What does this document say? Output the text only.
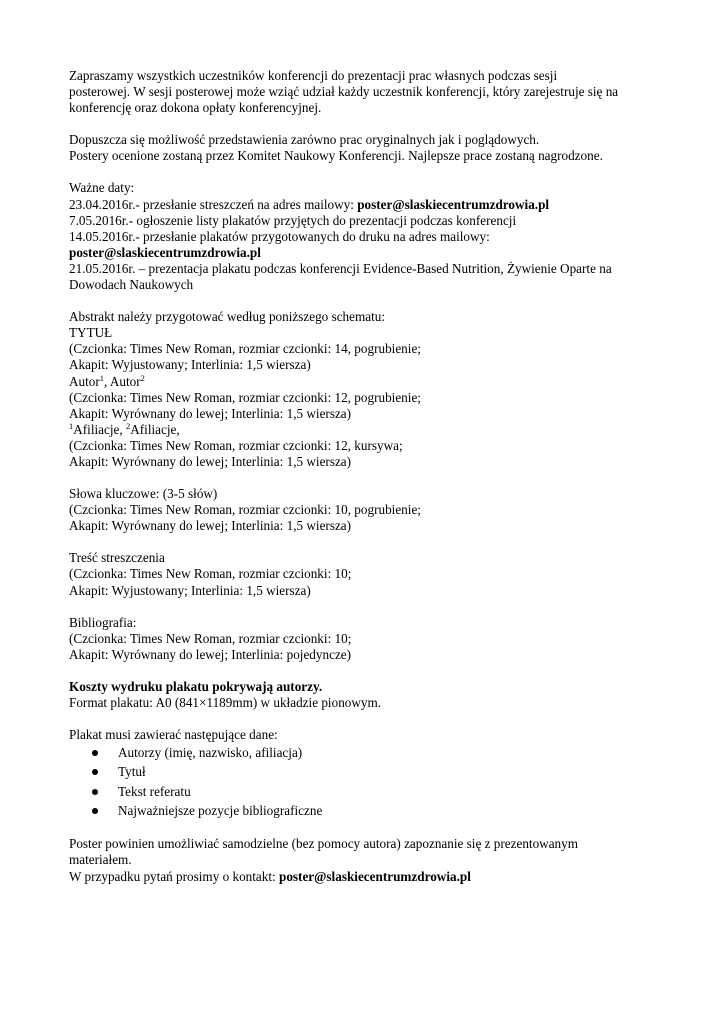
Zapraszamy wszystkich uczestników konferencji do prezentacji prac własnych podczas sesji
posterowej. W sesji posterowej może wziąć udział każdy uczestnik konferencji, który zarejestruje się na
konferencję oraz dokona opłaty konferencyjnej.
Dopuszcza się możliwość przedstawienia zarówno prac oryginalnych jak i poglądowych.
Postery ocenione zostaną przez Komitet Naukowy Konferencji. Najlepsze prace zostaną nagrodzone.
Ważne daty:
23.04.2016r.- przesłanie streszczeń na adres mailowy: poster@slaskiecentrumzdrowia.pl
7.05.2016r.- ogłoszenie listy plakatów przyjętych do prezentacji podczas konferencji
14.05.2016r.- przesłanie plakatów przygotowanych do druku na adres mailowy:
poster@slaskiecentrumzdrowia.pl
21.05.2016r. – prezentacja plakatu podczas konferencji Evidence-Based Nutrition, Żywienie Oparte na
Dowodach Naukowych
Abstrakt należy przygotować według poniższego schematu:
TYTUŁ
(Czcionka: Times New Roman, rozmiar czcionki: 14, pogrubienie;
Akapit: Wyjustowany; Interlinia: 1,5 wiersza)
Autor$^1$, Autor$^2$
(Czcionka: Times New Roman, rozmiar czcionki: 12, pogrubienie;
Akapit: Wyrównany do lewej; Interlinia: 1,5 wiersza)
$^1$Afiliacje, $^2$Afiliacje,
(Czcionka: Times New Roman, rozmiar czcionki: 12, kursywa;
Akapit: Wyrównany do lewej; Interlinia: 1,5 wiersza)
Słowa kluczowe: (3-5 słów)
(Czcionka: Times New Roman, rozmiar czcionki: 10, pogrubienie;
Akapit: Wyrównany do lewej; Interlinia: 1,5 wiersza)
Treść streszczenia
(Czcionka: Times New Roman, rozmiar czcionki: 10;
Akapit: Wyjustowany; Interlinia: 1,5 wiersza)
Bibliografia:
(Czcionka: Times New Roman, rozmiar czcionki: 10;
Akapit: Wyrównany do lewej; Interlinia: pojedyncze)
Koszty wydruku plakatu pokrywają autorzy.
Format plakatu: A0 (841×1189mm) w układzie pionowym.
Plakat musi zawierać następujące dane:
Autorzy (imię, nazwisko, afiliacja)
Tytuł
Tekst referatu
Najważniejsze pozycje bibliograficzne
Poster powinien umożliwiać samodzielne (bez pomocy autora) zapoznanie się z prezentowanym
materiałem.
W przypadku pytań prosimy o kontakt: poster@slaskiecentrumzdrowia.pl
